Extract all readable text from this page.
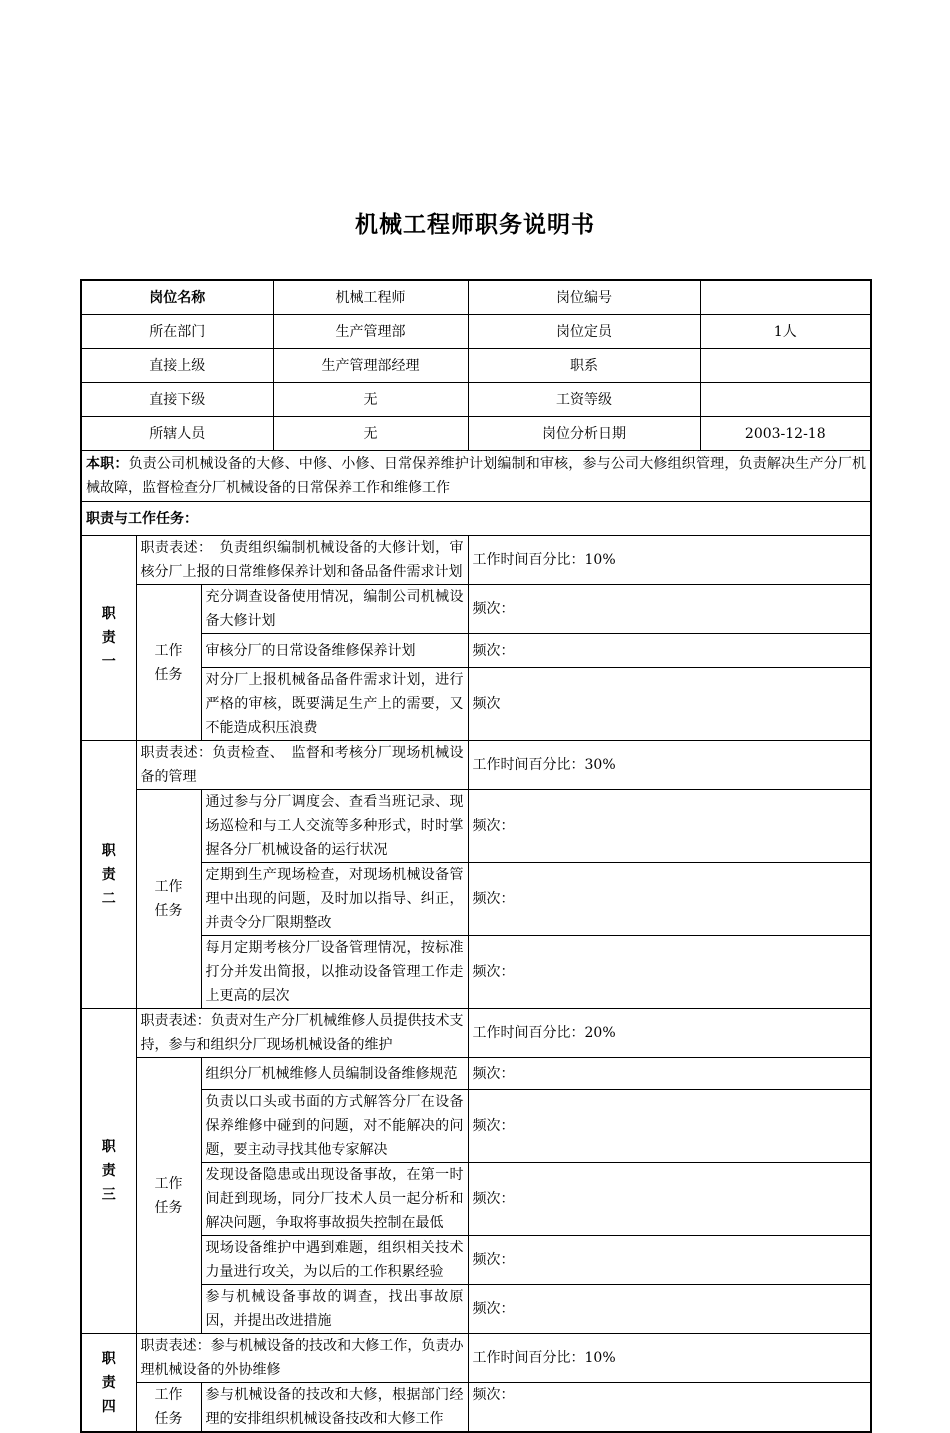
机械工程师职务说明书
岗位名称			机械工程师	岗位编号	
所在部门			生产管理部	岗位定员	1人
直接上级			生产管理部经理	职系	
直接下级			无	工资等级	
所辖人员			无	岗位分析日期	2003-12-18
本职：负责公司机械设备的大修、中修、小修、日常保养维护计划编制和审核，参与公司大修组织管理，负责解决生产分厂机械故障，监督检查分厂机械设备的日常保养工作和维修工作					
职责与工作任务：					
职
责
一	职责表述：　负责组织编制机械设备的大修计划，审核分厂上报的日常维修保养计划和备品备件需求计划			工作时间百分比：10%	
	工作
任务	充分调查设备使用情况，编制公司机械设备大修计划		频次：	
		审核分厂的日常设备维修保养计划		频次：	
		对分厂上报机械备品备件需求计划，进行严格的审核，既要满足生产上的需要，又不能造成积压浪费		频次	
职
责
二	职责表述：负责检查、　监督和考核分厂现场机械设备的管理			工作时间百分比：30%	
	工作
任务	通过参与分厂调度会、查看当班记录、现场巡检和与工人交流等多种形式，时时掌握各分厂机械设备的运行状况		频次：	
		定期到生产现场检查，对现场机械设备管理中出现的问题，及时加以指导、纠正，并责令分厂限期整改		频次：	
		每月定期考核分厂设备管理情况，按标准打分并发出简报，以推动设备管理工作走上更高的层次		频次：	
职
责
三	职责表述：负责对生产分厂机械维修人员提供技术支持，参与和组织分厂现场机械设备的维护			工作时间百分比：20%	
	工作
任务	组织分厂机械维修人员编制设备维修规范		频次：	
		负责以口头或书面的方式解答分厂在设备保养维修中碰到的问题，对不能解决的问题，要主动寻找其他专家解决		频次：	
		发现设备隐患或出现设备事故，在第一时间赶到现场，同分厂技术人员一起分析和解决问题，争取将事故损失控制在最低		频次：	
		现场设备维护中遇到难题，组织相关技术力量进行攻关，为以后的工作积累经验		频次：	
		参与机械设备事故的调查，找出事故原因，并提出改进措施		频次：	
职
责
四	职责表述：参与机械设备的技改和大修工作，负责办理机械设备的外协维修			工作时间百分比：10%	
	工作
任务	参与机械设备的技改和大修，根据部门经理的安排组织机械设备技改和大修工作		频次：	
